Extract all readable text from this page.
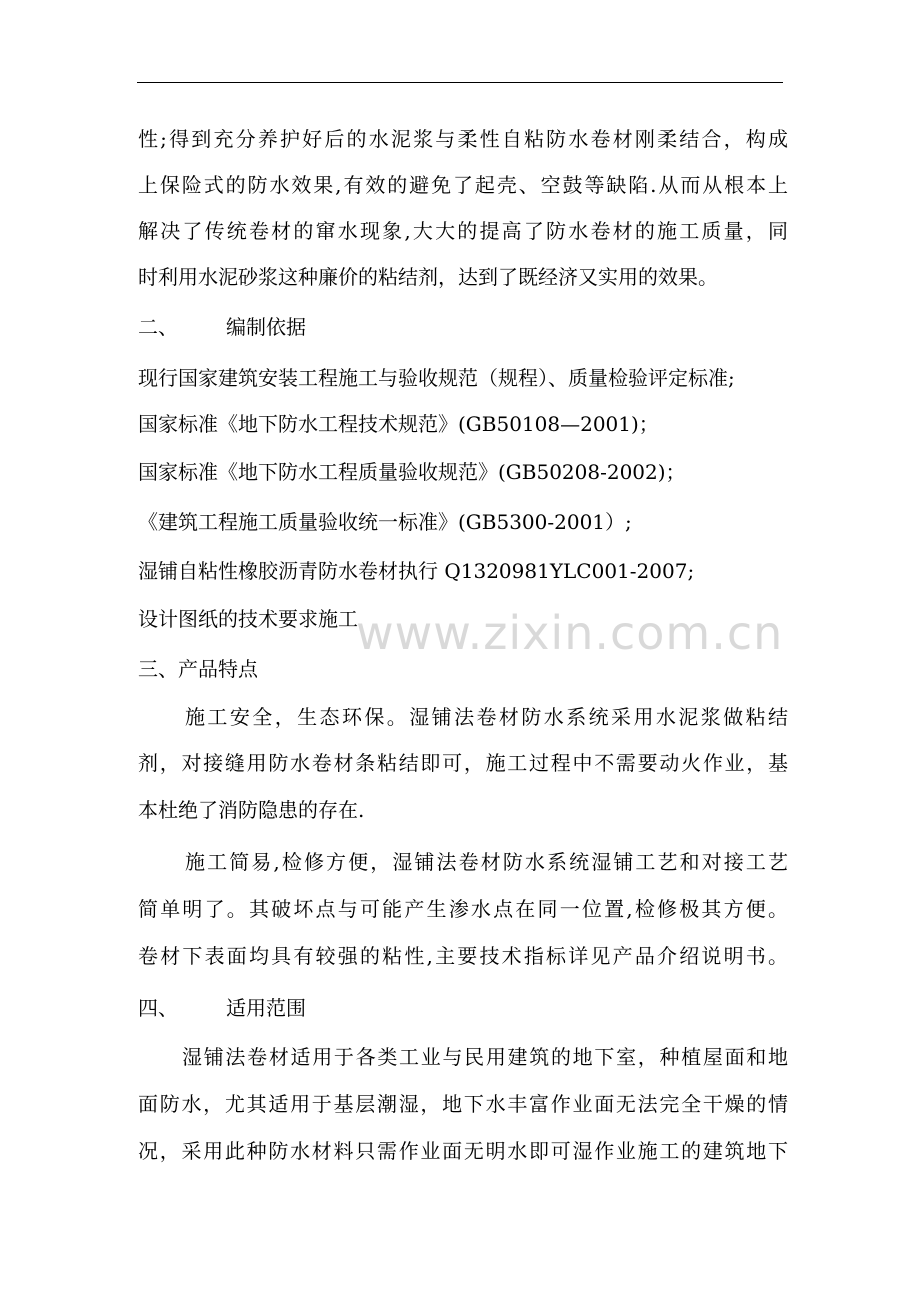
性;得到充分养护好后的水泥浆与柔性自粘防水卷材刚柔结合，构成
上保险式的防水效果,有效的避免了起壳、空鼓等缺陷.从而从根本上
解决了传统卷材的窜水现象,大大的提高了防水卷材的施工质量，同
时利用水泥砂浆这种廉价的粘结剂，达到了既经济又实用的效果。
二、 编制依据
现行国家建筑安装工程施工与验收规范（规程）、质量检验评定标准;
国家标准《地下防水工程技术规范》(GB50108—2001)；
国家标准《地下防水工程质量验收规范》(GB50208-2002)；
《建筑工程施工质量验收统一标准》(GB5300-2001）;
湿铺自粘性橡胶沥青防水卷材执行 Q1320981YLC001-2007;
设计图纸的技术要求施工
www.zixin.com.cn
三、产品特点
施工安全，生态环保。湿铺法卷材防水系统采用水泥浆做粘结
剂，对接缝用防水卷材条粘结即可，施工过程中不需要动火作业，基
本杜绝了消防隐患的存在.
施工简易,检修方便，湿铺法卷材防水系统湿铺工艺和对接工艺
简单明了。其破坏点与可能产生渗水点在同一位置,检修极其方便。
卷材下表面均具有较强的粘性,主要技术指标详见产品介绍说明书。
四、 适用范围
湿铺法卷材适用于各类工业与民用建筑的地下室，种植屋面和地
面防水，尤其适用于基层潮湿，地下水丰富作业面无法完全干燥的情
况，采用此种防水材料只需作业面无明水即可湿作业施工的建筑地下
